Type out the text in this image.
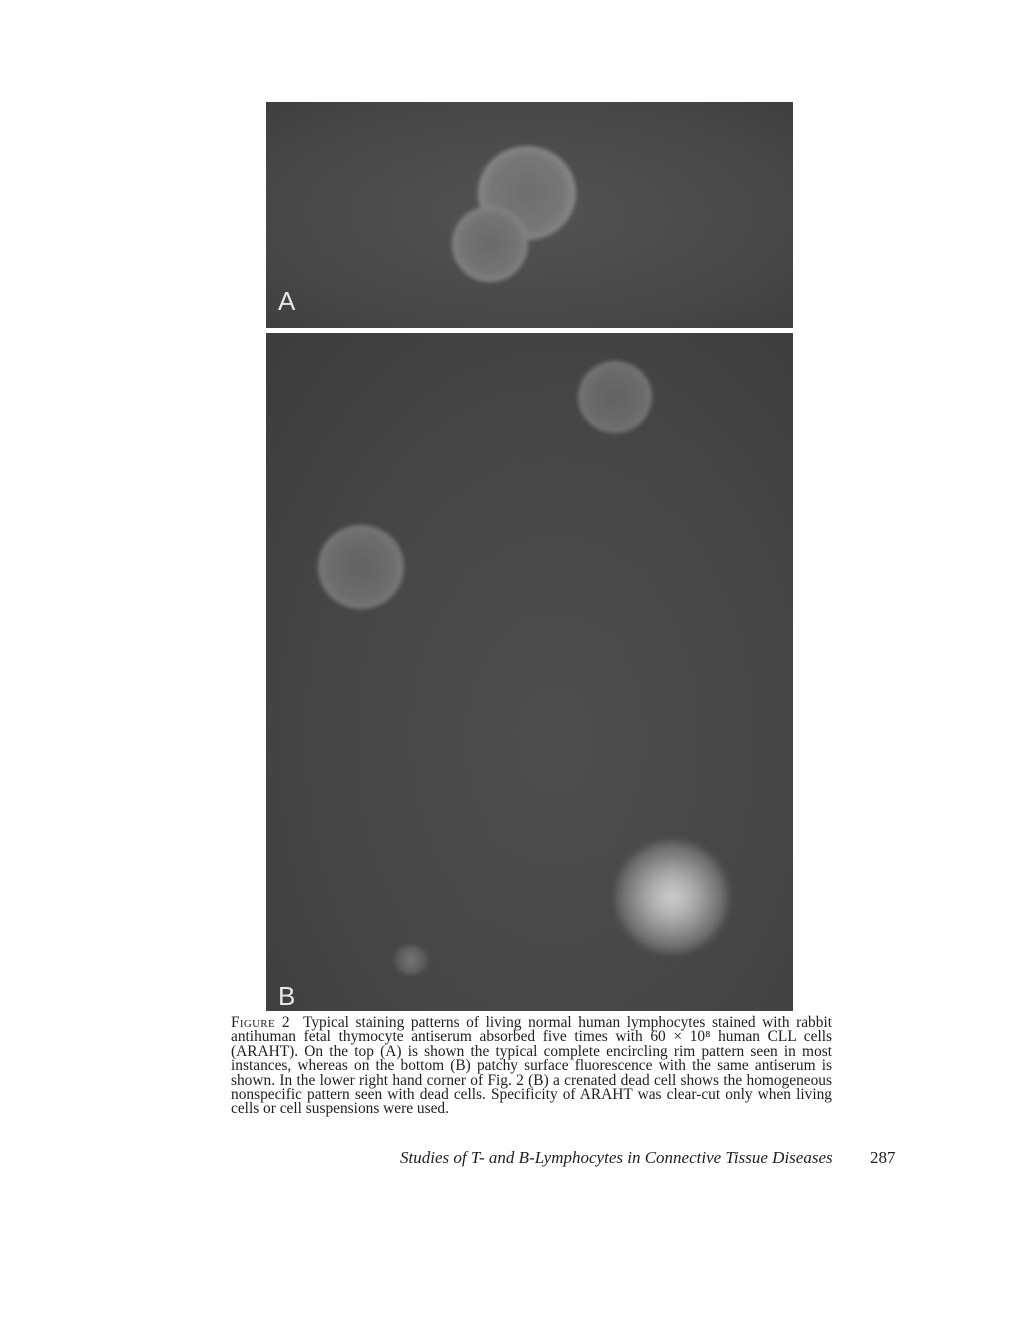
A
B

Figure 2 Typical staining patterns of living normal human lymphocytes stained with rabbit antihuman fetal thymocyte antiserum absorbed five times with 60 × 10⁸ human CLL cells (ARAHT). On the top (A) is shown the typical complete encircling rim pattern seen in most instances, whereas on the bottom (B) patchy surface fluorescence with the same antiserum is shown. In the lower right hand corner of Fig. 2 (B) a crenated dead cell shows the homogeneous nonspecific pattern seen with dead cells. Specificity of ARAHT was clear-cut only when living cells or cell suspensions were used.

Studies of T- and B-Lymphocytes in Connective Tissue Diseases 287
